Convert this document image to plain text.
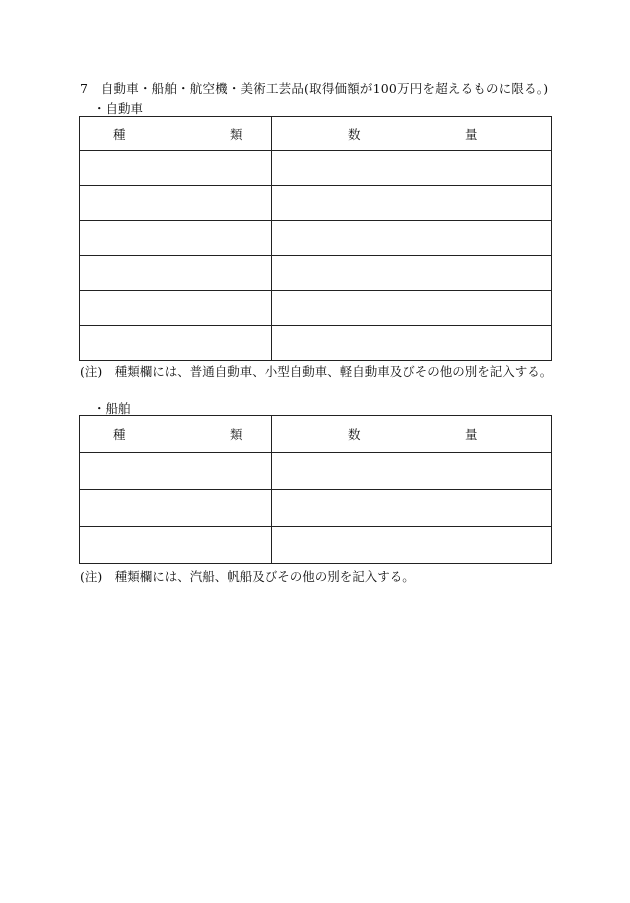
7　自動車・船舶・航空機・美術工芸品(取得価額が100万円を超えるものに限る。)
・自動車
種 類	数 量

(注)　種類欄には、普通自動車、小型自動車、軽自動車及びその他の別を記入する。
・船舶
種 類	数 量

(注)　種類欄には、汽船、帆船及びその他の別を記入する。
